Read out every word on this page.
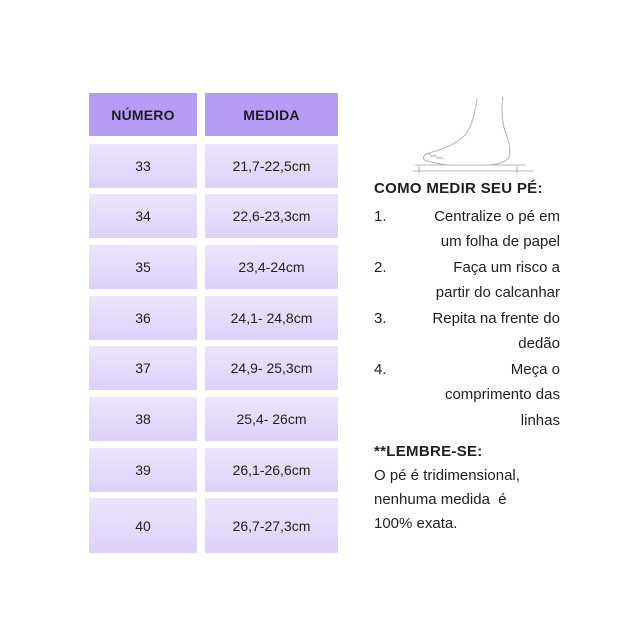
NÚMERO	MEDIDA
33	21,7-22,5cm
34	22,6-23,3cm
35	23,4-24cm
36	24,1- 24,8cm
37	24,9- 25,3cm
38	25,4- 26cm
39	26,1-26,6cm
40	26,7-27,3cm
COMO MEDIR SEU PÉ:
1.	Centralize o pé em
um folha de papel
2.	Faça um risco a
partir do calcanhar
3.	Repita na frente do
dedão
4.	Meça o
comprimento das
linhas
**LEMBRE-SE:
O pé é tridimensional,
nenhuma medida  é
100% exata.
